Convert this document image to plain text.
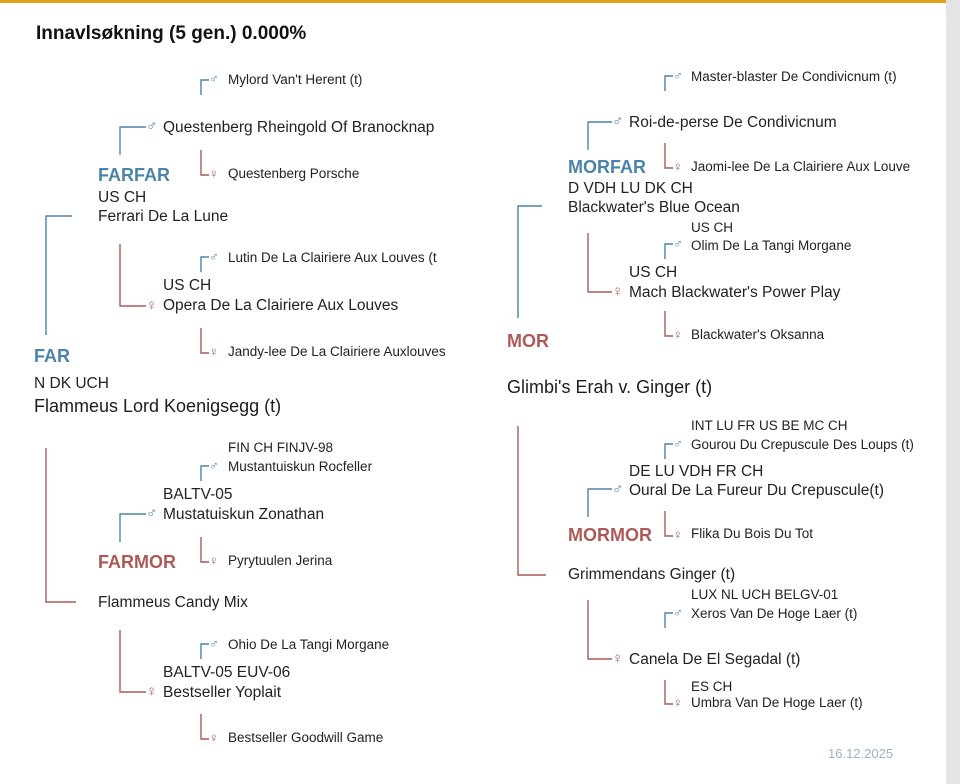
Innavlsøkning (5 gen.) 0.000%
FAR
N DK UCH
Flammeus Lord Koenigsegg (t)
FARFAR
US CH
Ferrari De La Lune
♂ Questenberg Rheingold Of Branocknap
♂ Mylord Van't Herent (t)
♀ Questenberg Porsche
US CH
♀ Opera De La Clairiere Aux Louves
♂ Lutin De La Clairiere Aux Louves (t
♀ Jandy-lee De La Clairiere Auxlouves
FARMOR
Flammeus Candy Mix
BALTV-05
♂ Mustatuiskun Zonathan
FIN CH FINJV-98
♂ Mustantuiskun Rocfeller
♀ Pyrytuulen Jerina
BALTV-05 EUV-06
♀ Bestseller Yoplait
♂ Ohio De La Tangi Morgane
♀ Bestseller Goodwill Game
MOR
Glimbi's Erah v. Ginger (t)
MORFAR
D VDH LU DK CH
Blackwater's Blue Ocean
♂ Roi-de-perse De Condivicnum
♂ Master-blaster De Condivicnum (t)
♀ Jaomi-lee De La Clairiere Aux Louve
US CH
♀ Mach Blackwater's Power Play
US CH
♂ Olim De La Tangi Morgane
♀ Blackwater's Oksanna
MORMOR
Grimmendans Ginger (t)
DE LU VDH FR CH
♂ Oural De La Fureur Du Crepuscule(t)
INT LU FR US BE MC CH
♂ Gourou Du Crepuscule Des Loups (t)
♀ Flika Du Bois Du Tot
♀ Canela De El Segadal (t)
LUX NL UCH BELGV-01
♂ Xeros Van De Hoge Laer (t)
ES CH
♀ Umbra Van De Hoge Laer (t)
16.12.2025
